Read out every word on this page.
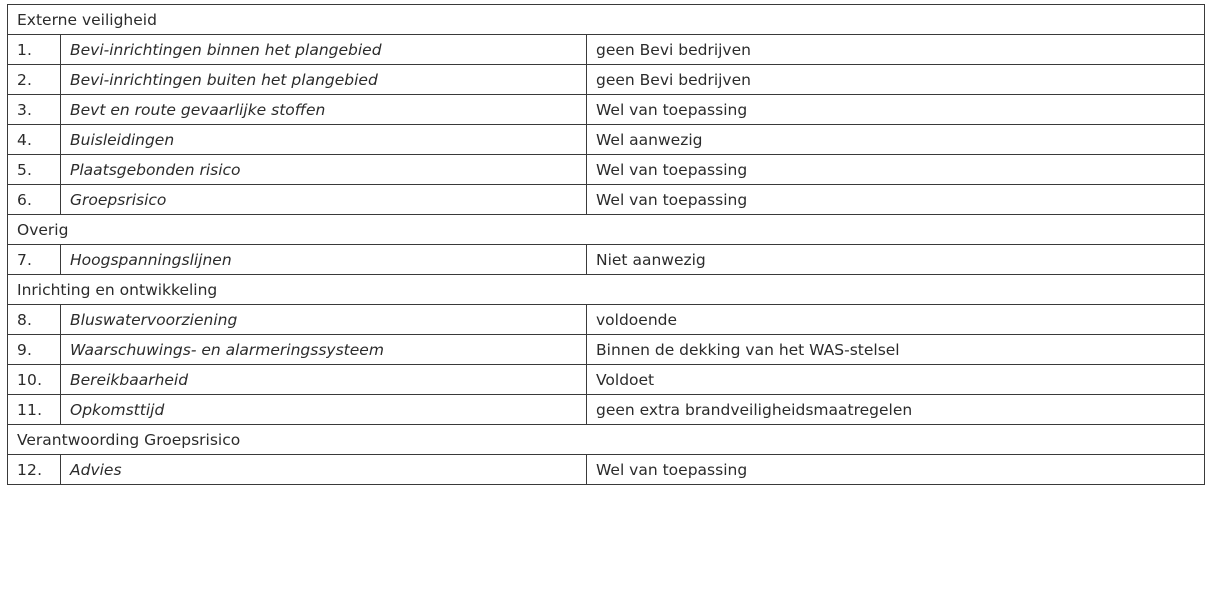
Externe veiligheid		
1.	Bevi-inrichtingen binnen het plangebied	geen Bevi bedrijven
2.	Bevi-inrichtingen buiten het plangebied	geen Bevi bedrijven
3.	Bevt en route gevaarlijke stoffen	Wel van toepassing
4.	Buisleidingen	Wel aanwezig
5.	Plaatsgebonden risico	Wel van toepassing
6.	Groepsrisico	Wel van toepassing
Overig		
7.	Hoogspanningslijnen	Niet aanwezig
Inrichting en ontwikkeling		
8.	Bluswatervoorziening	voldoende
9.	Waarschuwings- en alarmeringssysteem	Binnen de dekking van het WAS-stelsel
10.	Bereikbaarheid	Voldoet
11.	Opkomsttijd	geen extra brandveiligheidsmaatregelen
Verantwoording Groepsrisico		
12.	Advies	Wel van toepassing
